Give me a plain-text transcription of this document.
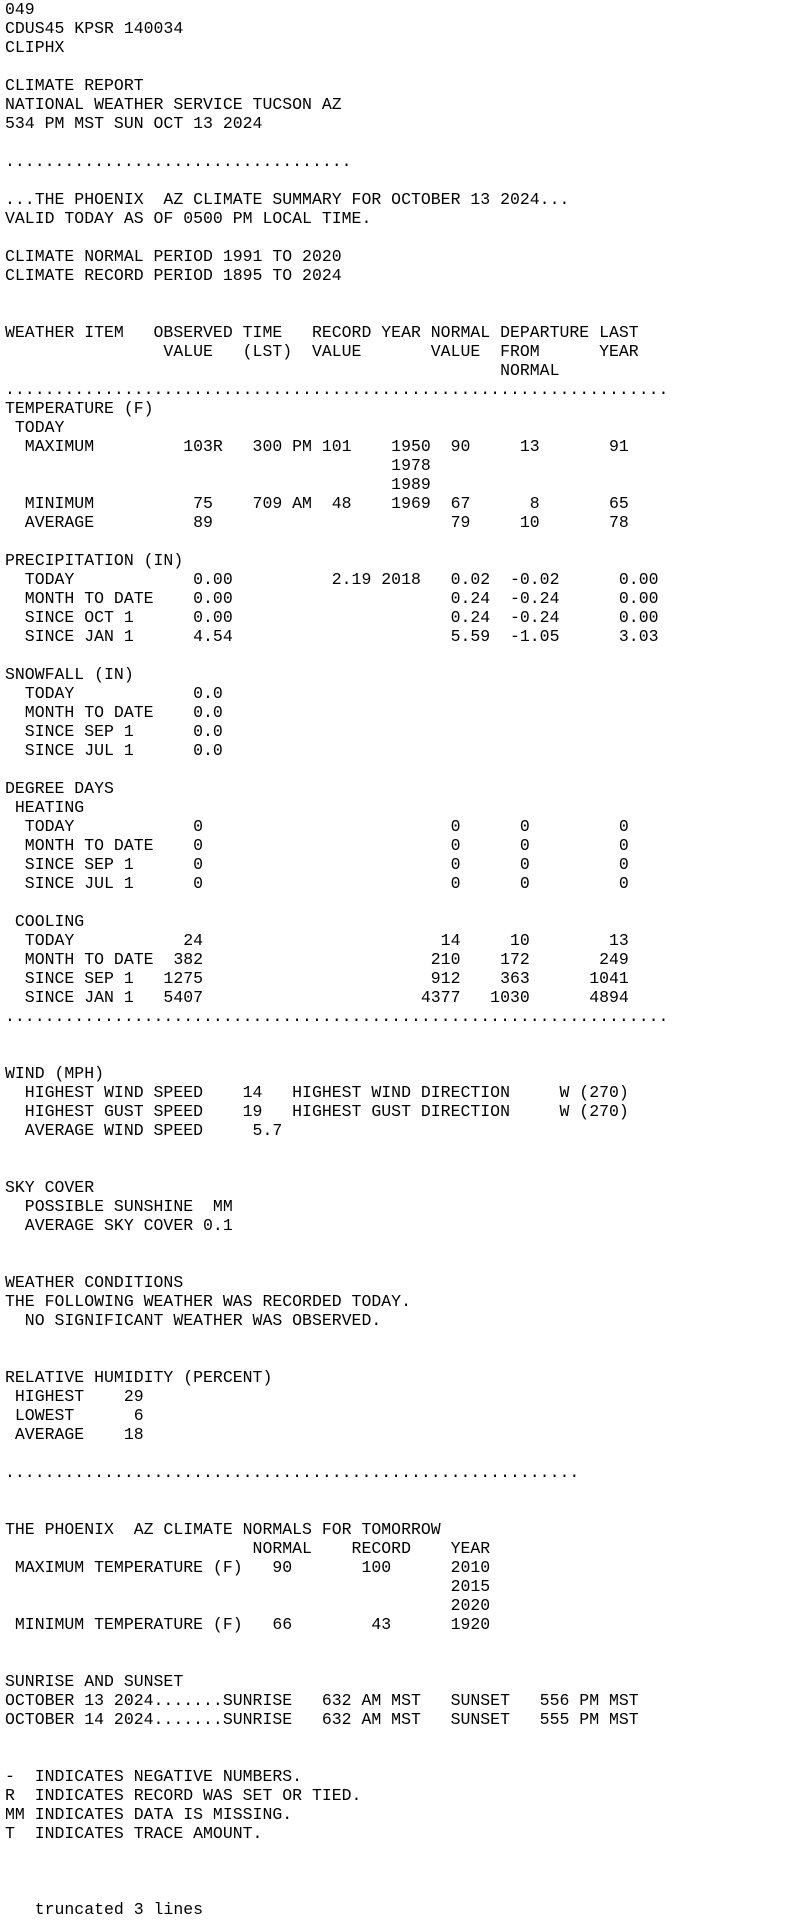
049
CDUS45 KPSR 140034
CLIPHX

CLIMATE REPORT
NATIONAL WEATHER SERVICE TUCSON AZ
534 PM MST SUN OCT 13 2024

...................................

...THE PHOENIX  AZ CLIMATE SUMMARY FOR OCTOBER 13 2024...
VALID TODAY AS OF 0500 PM LOCAL TIME.

CLIMATE NORMAL PERIOD 1991 TO 2020
CLIMATE RECORD PERIOD 1895 TO 2024

WEATHER ITEM   OBSERVED TIME   RECORD YEAR NORMAL DEPARTURE LAST
VALUE   (LST)  VALUE       VALUE  FROM      YEAR
NORMAL
...................................................................
TEMPERATURE (F)
TODAY
MAXIMUM         103R   300 PM 101    1950  90     13       91
1978
1989
MINIMUM          75    709 AM  48    1969  67      8       65
AVERAGE          89                        79     10       78

PRECIPITATION (IN)
TODAY            0.00          2.19 2018   0.02  -0.02      0.00
MONTH TO DATE    0.00                      0.24  -0.24      0.00
SINCE OCT 1      0.00                      0.24  -0.24      0.00
SINCE JAN 1      4.54                      5.59  -1.05      3.03

SNOWFALL (IN)
TODAY            0.0
MONTH TO DATE    0.0
SINCE SEP 1      0.0
SINCE JUL 1      0.0

DEGREE DAYS
HEATING
TODAY            0                         0      0         0
MONTH TO DATE    0                         0      0         0
SINCE SEP 1      0                         0      0         0
SINCE JUL 1      0                         0      0         0

COOLING
TODAY           24                        14     10        13
MONTH TO DATE  382                       210    172       249
SINCE SEP 1   1275                       912    363      1041
SINCE JAN 1   5407                      4377   1030      4894
...................................................................

WIND (MPH)
HIGHEST WIND SPEED    14   HIGHEST WIND DIRECTION     W (270)
HIGHEST GUST SPEED    19   HIGHEST GUST DIRECTION     W (270)
AVERAGE WIND SPEED     5.7

SKY COVER
POSSIBLE SUNSHINE  MM
AVERAGE SKY COVER 0.1

WEATHER CONDITIONS
THE FOLLOWING WEATHER WAS RECORDED TODAY.
NO SIGNIFICANT WEATHER WAS OBSERVED.

RELATIVE HUMIDITY (PERCENT)
HIGHEST    29
LOWEST      6
AVERAGE    18

..........................................................

THE PHOENIX  AZ CLIMATE NORMALS FOR TOMORROW
NORMAL    RECORD    YEAR
MAXIMUM TEMPERATURE (F)   90       100      2010
2015
2020
MINIMUM TEMPERATURE (F)   66        43      1920

SUNRISE AND SUNSET
OCTOBER 13 2024.......SUNRISE   632 AM MST   SUNSET   556 PM MST
OCTOBER 14 2024.......SUNRISE   632 AM MST   SUNSET   555 PM MST

-  INDICATES NEGATIVE NUMBERS.
R  INDICATES RECORD WAS SET OR TIED.
MM INDICATES DATA IS MISSING.
T  INDICATES TRACE AMOUNT.

truncated 3 lines
